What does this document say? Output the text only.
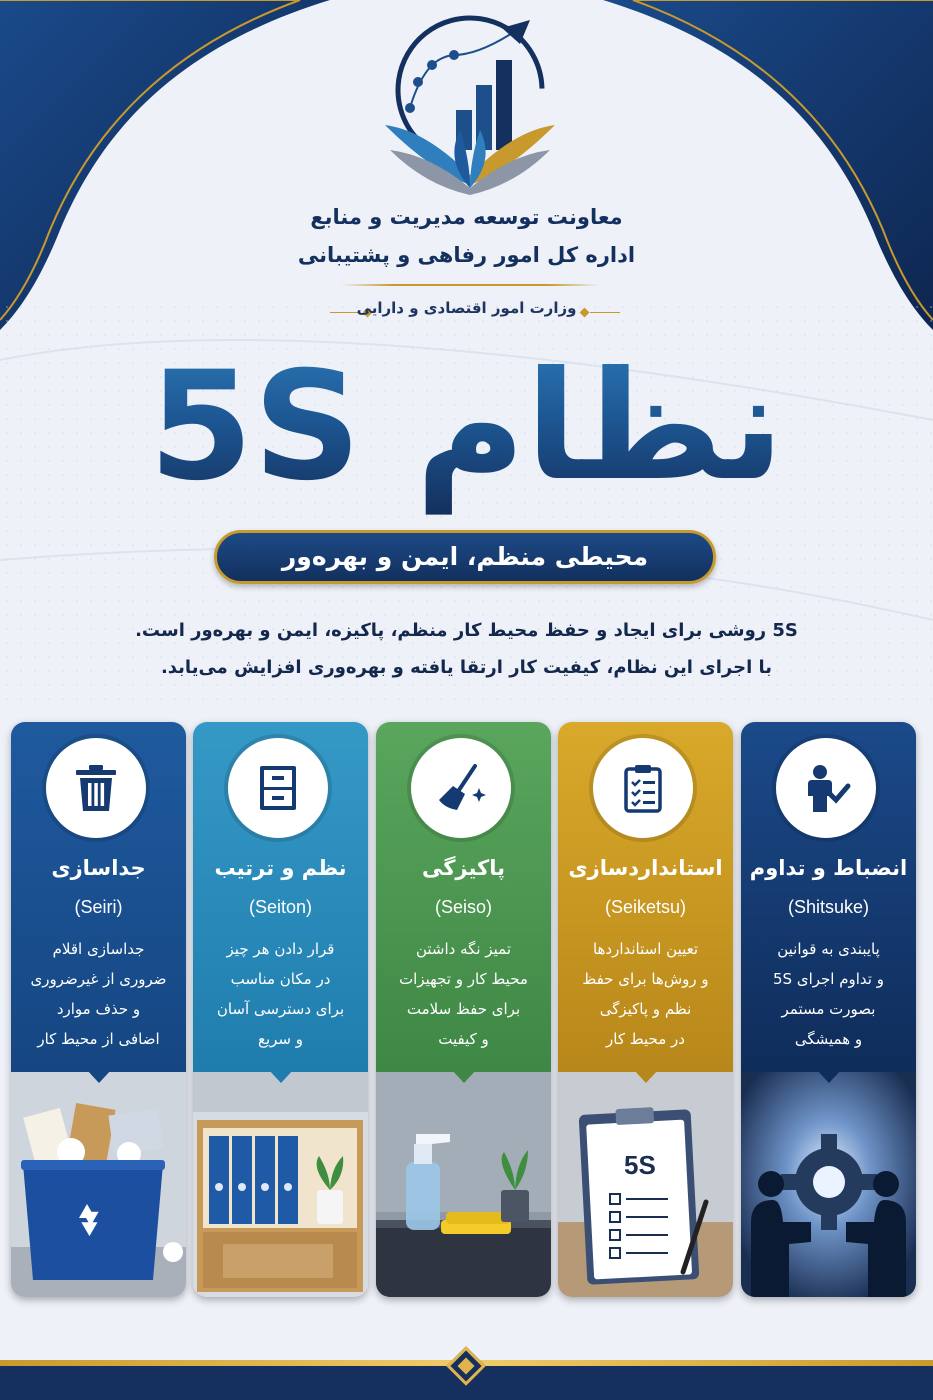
معاونت توسعه مدیریت و منابع
اداره کل امور رفاهی و پشتیبانی
وزارت امور اقتصادی و دارایی
نظام 5S
محیطی منظم، ایمن و بهره‌ور
5S روشی برای ایجاد و حفظ محیط کار منظم، پاکیزه، ایمن و بهره‌ور است.
با اجرای این نظام، کیفیت کار ارتقا یافته و بهره‌وری افزایش می‌یابد.
انضباط و تداوم
(Shitsuke)
پایبندی به قوانین
و تداوم اجرای 5S
بصورت مستمر
و همیشگی
استانداردسازی
(Seiketsu)
تعیین استانداردها
و روش‌ها برای حفظ
نظم و پاکیزگی
در محیط کار
5S
پاکیزگی
(Seiso)
تمیز نگه داشتن
محیط کار و تجهیزات
برای حفظ سلامت
و کیفیت
نظم و ترتیب
(Seiton)
قرار دادن هر چیز
در مکان مناسب
برای دسترسی آسان
و سریع
جداسازی
(Seiri)
جداسازی اقلام
ضروری از غیرضروری
و حذف موارد
اضافی از محیط کار
